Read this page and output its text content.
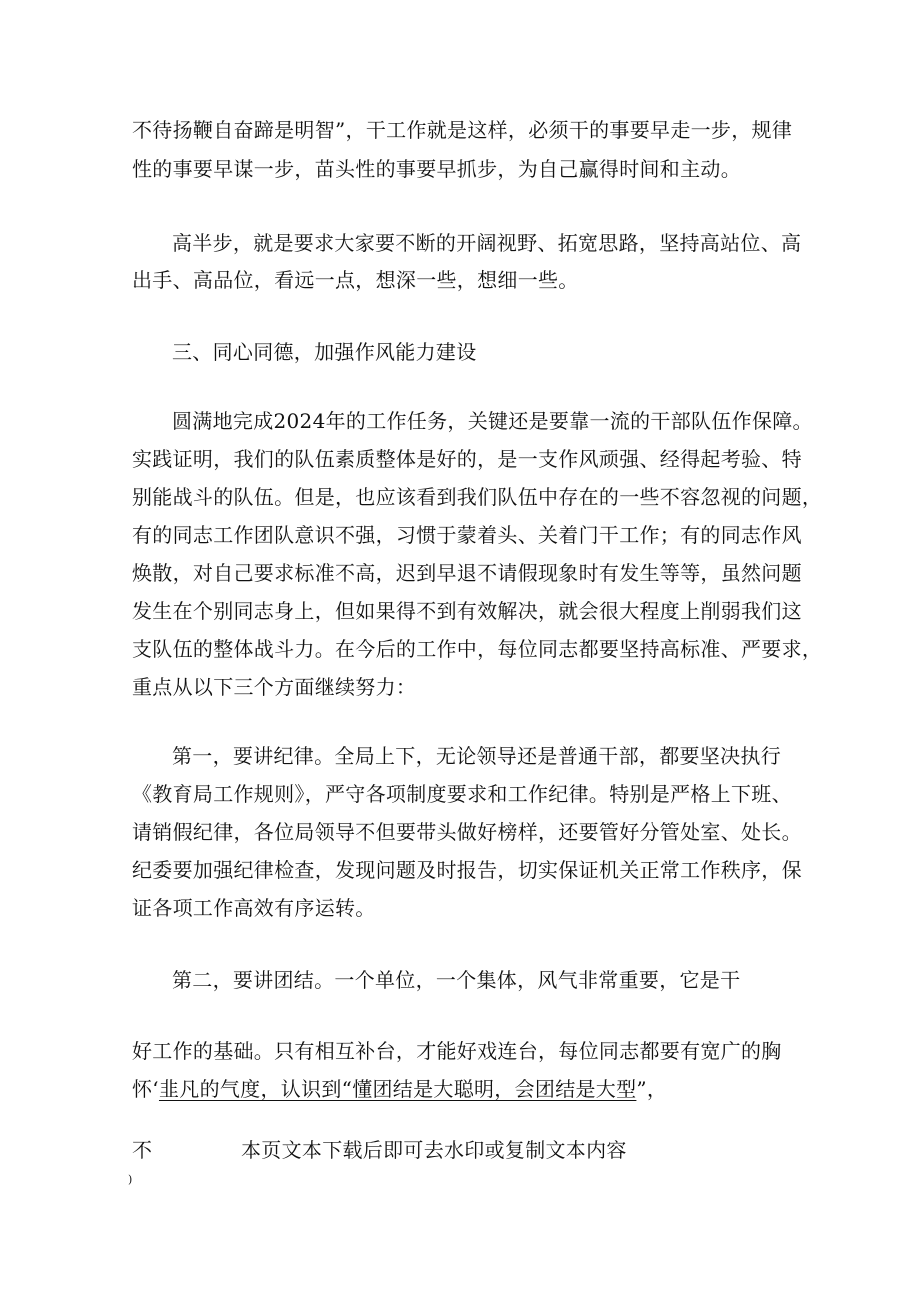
不待扬鞭自奋蹄是明智”，干工作就是这样，必须干的事要早走一步，规律
性的事要早谋一步，苗头性的事要早抓步，为自己赢得时间和主动。
高半步，就是要求大家要不断的开阔视野、拓宽思路，坚持高站位、高
出手、高品位，看远一点，想深一些，想细一些。
三、同心同德，加强作风能力建设
圆满地完成2024年的工作任务，关键还是要靠一流的干部队伍作保障。
实践证明，我们的队伍素质整体是好的，是一支作风顽强、经得起考验、特
别能战斗的队伍。但是，也应该看到我们队伍中存在的一些不容忽视的问题，
有的同志工作团队意识不强，习惯于蒙着头、关着门干工作；有的同志作风
焕散，对自己要求标准不高，迟到早退不请假现象时有发生等等，虽然问题
发生在个别同志身上，但如果得不到有效解决，就会很大程度上削弱我们这
支队伍的整体战斗力。在今后的工作中，每位同志都要坚持高标准、严要求，
重点从以下三个方面继续努力：
第一，要讲纪律。全局上下，无论领导还是普通干部，都要坚决执行
《教育局工作规则》，严守各项制度要求和工作纪律。特别是严格上下班、
请销假纪律，各位局领导不但要带头做好榜样，还要管好分管处室、处长。
纪委要加强纪律检查，发现问题及时报告，切实保证机关正常工作秩序，保
证各项工作高效有序运转。
第二，要讲团结。一个单位，一个集体，风气非常重要，它是干
好工作的基础。只有相互补台，才能好戏连台，每位同志都要有宽广的胸
怀‘韭凡的气度，认识到“懂团结是大聪明，会团结是大型”，
不	本页文本下载后即可去水印或复制文本内容
)
